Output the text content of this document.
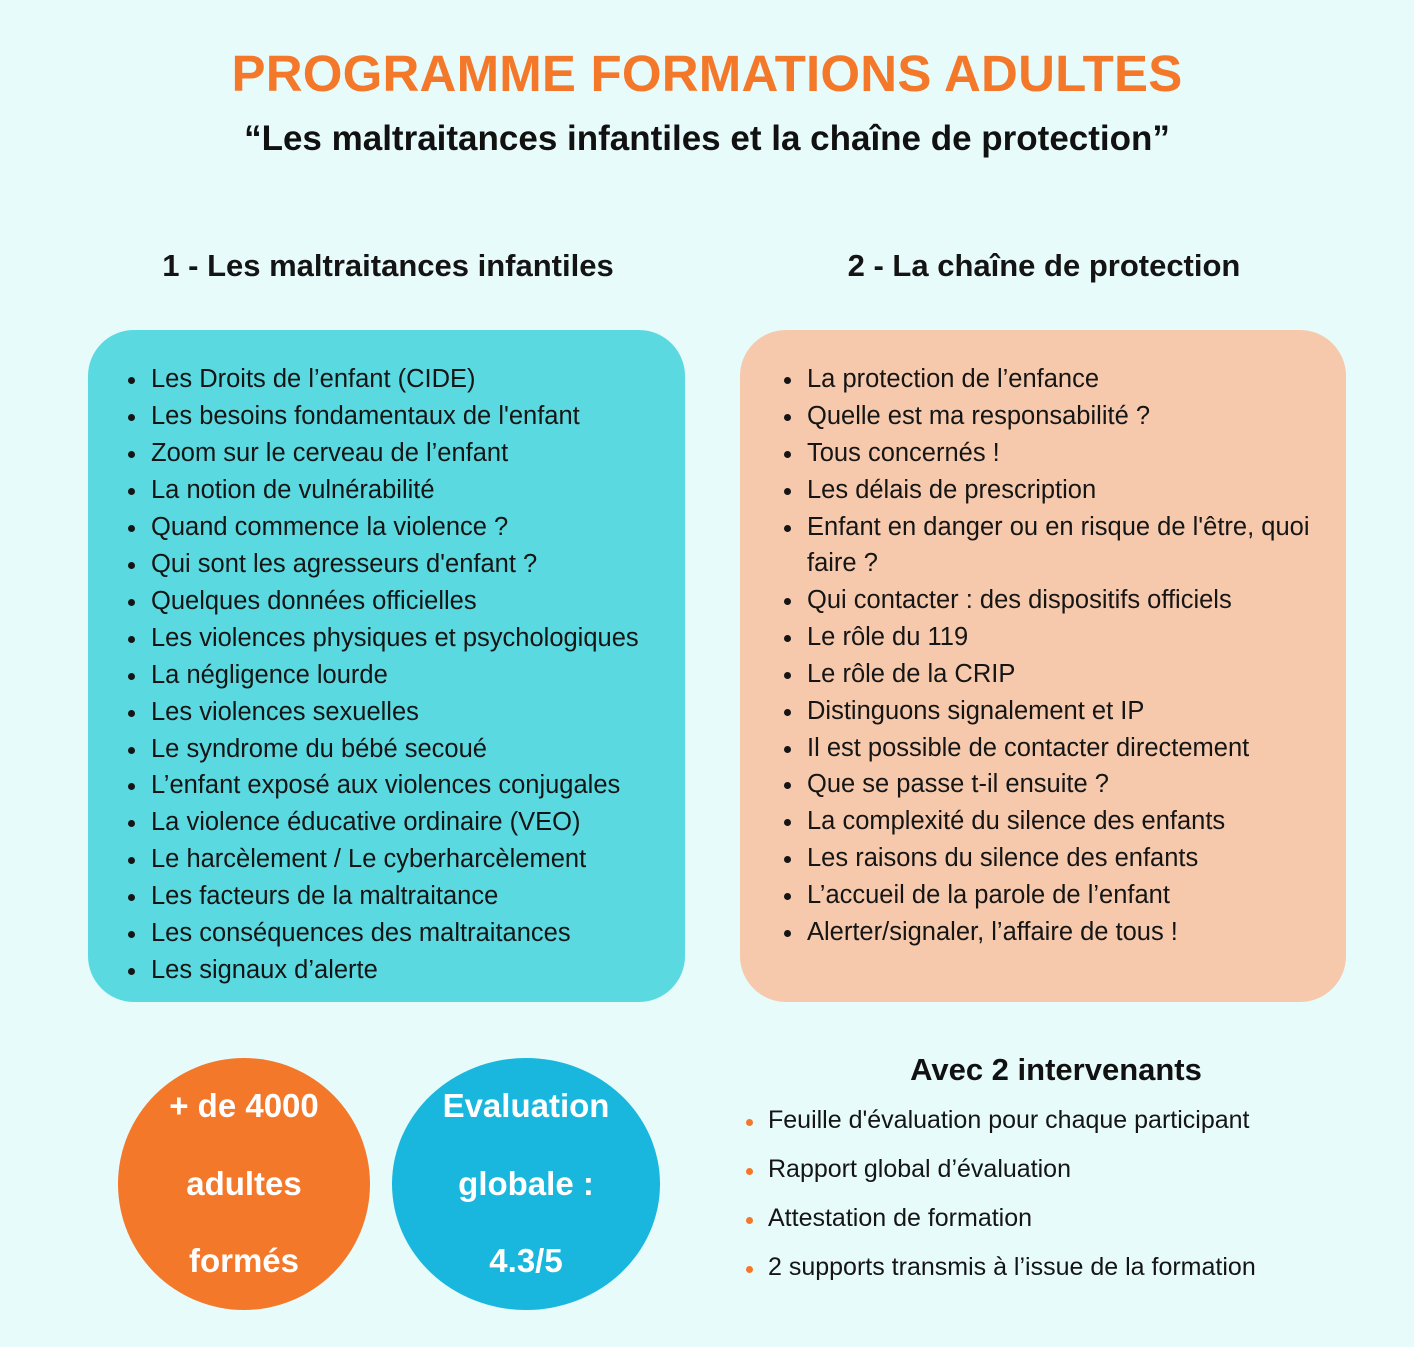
PROGRAMME FORMATIONS ADULTES
“Les maltraitances infantiles et la chaîne de protection”
1 - Les maltraitances infantiles	2 - La chaîne de protection
Les Droits de l’enfant (CIDE)
Les besoins fondamentaux de l'enfant
Zoom sur le cerveau de l’enfant
La notion de vulnérabilité
Quand commence la violence ?
Qui sont les agresseurs d'enfant ?
Quelques données officielles
Les violences physiques et psychologiques
La négligence lourde
Les violences sexuelles
Le syndrome du bébé secoué
L’enfant exposé aux violences conjugales
La violence éducative ordinaire (VEO)
Le harcèlement / Le cyberharcèlement
Les facteurs de la maltraitance
Les conséquences des maltraitances
Les signaux d’alerte
La protection de l’enfance
Quelle est ma responsabilité ?
Tous concernés !
Les délais de prescription
Enfant en danger ou en risque de l'être, quoi faire ?
Qui contacter : des dispositifs officiels
Le rôle du 119
Le rôle de la CRIP
Distinguons signalement et IP
Il est possible de contacter directement
Que se passe t-il ensuite ?
La complexité du silence des enfants
Les raisons du silence des enfants
L’accueil de la parole de l’enfant
Alerter/signaler, l’affaire de tous !
+ de 4000

adultes

formés
Evaluation

globale :

4.3/5
Avec 2 intervenants
Feuille d'évaluation pour chaque participant
Rapport global d’évaluation
Attestation de formation
2 supports transmis à l’issue de la formation
